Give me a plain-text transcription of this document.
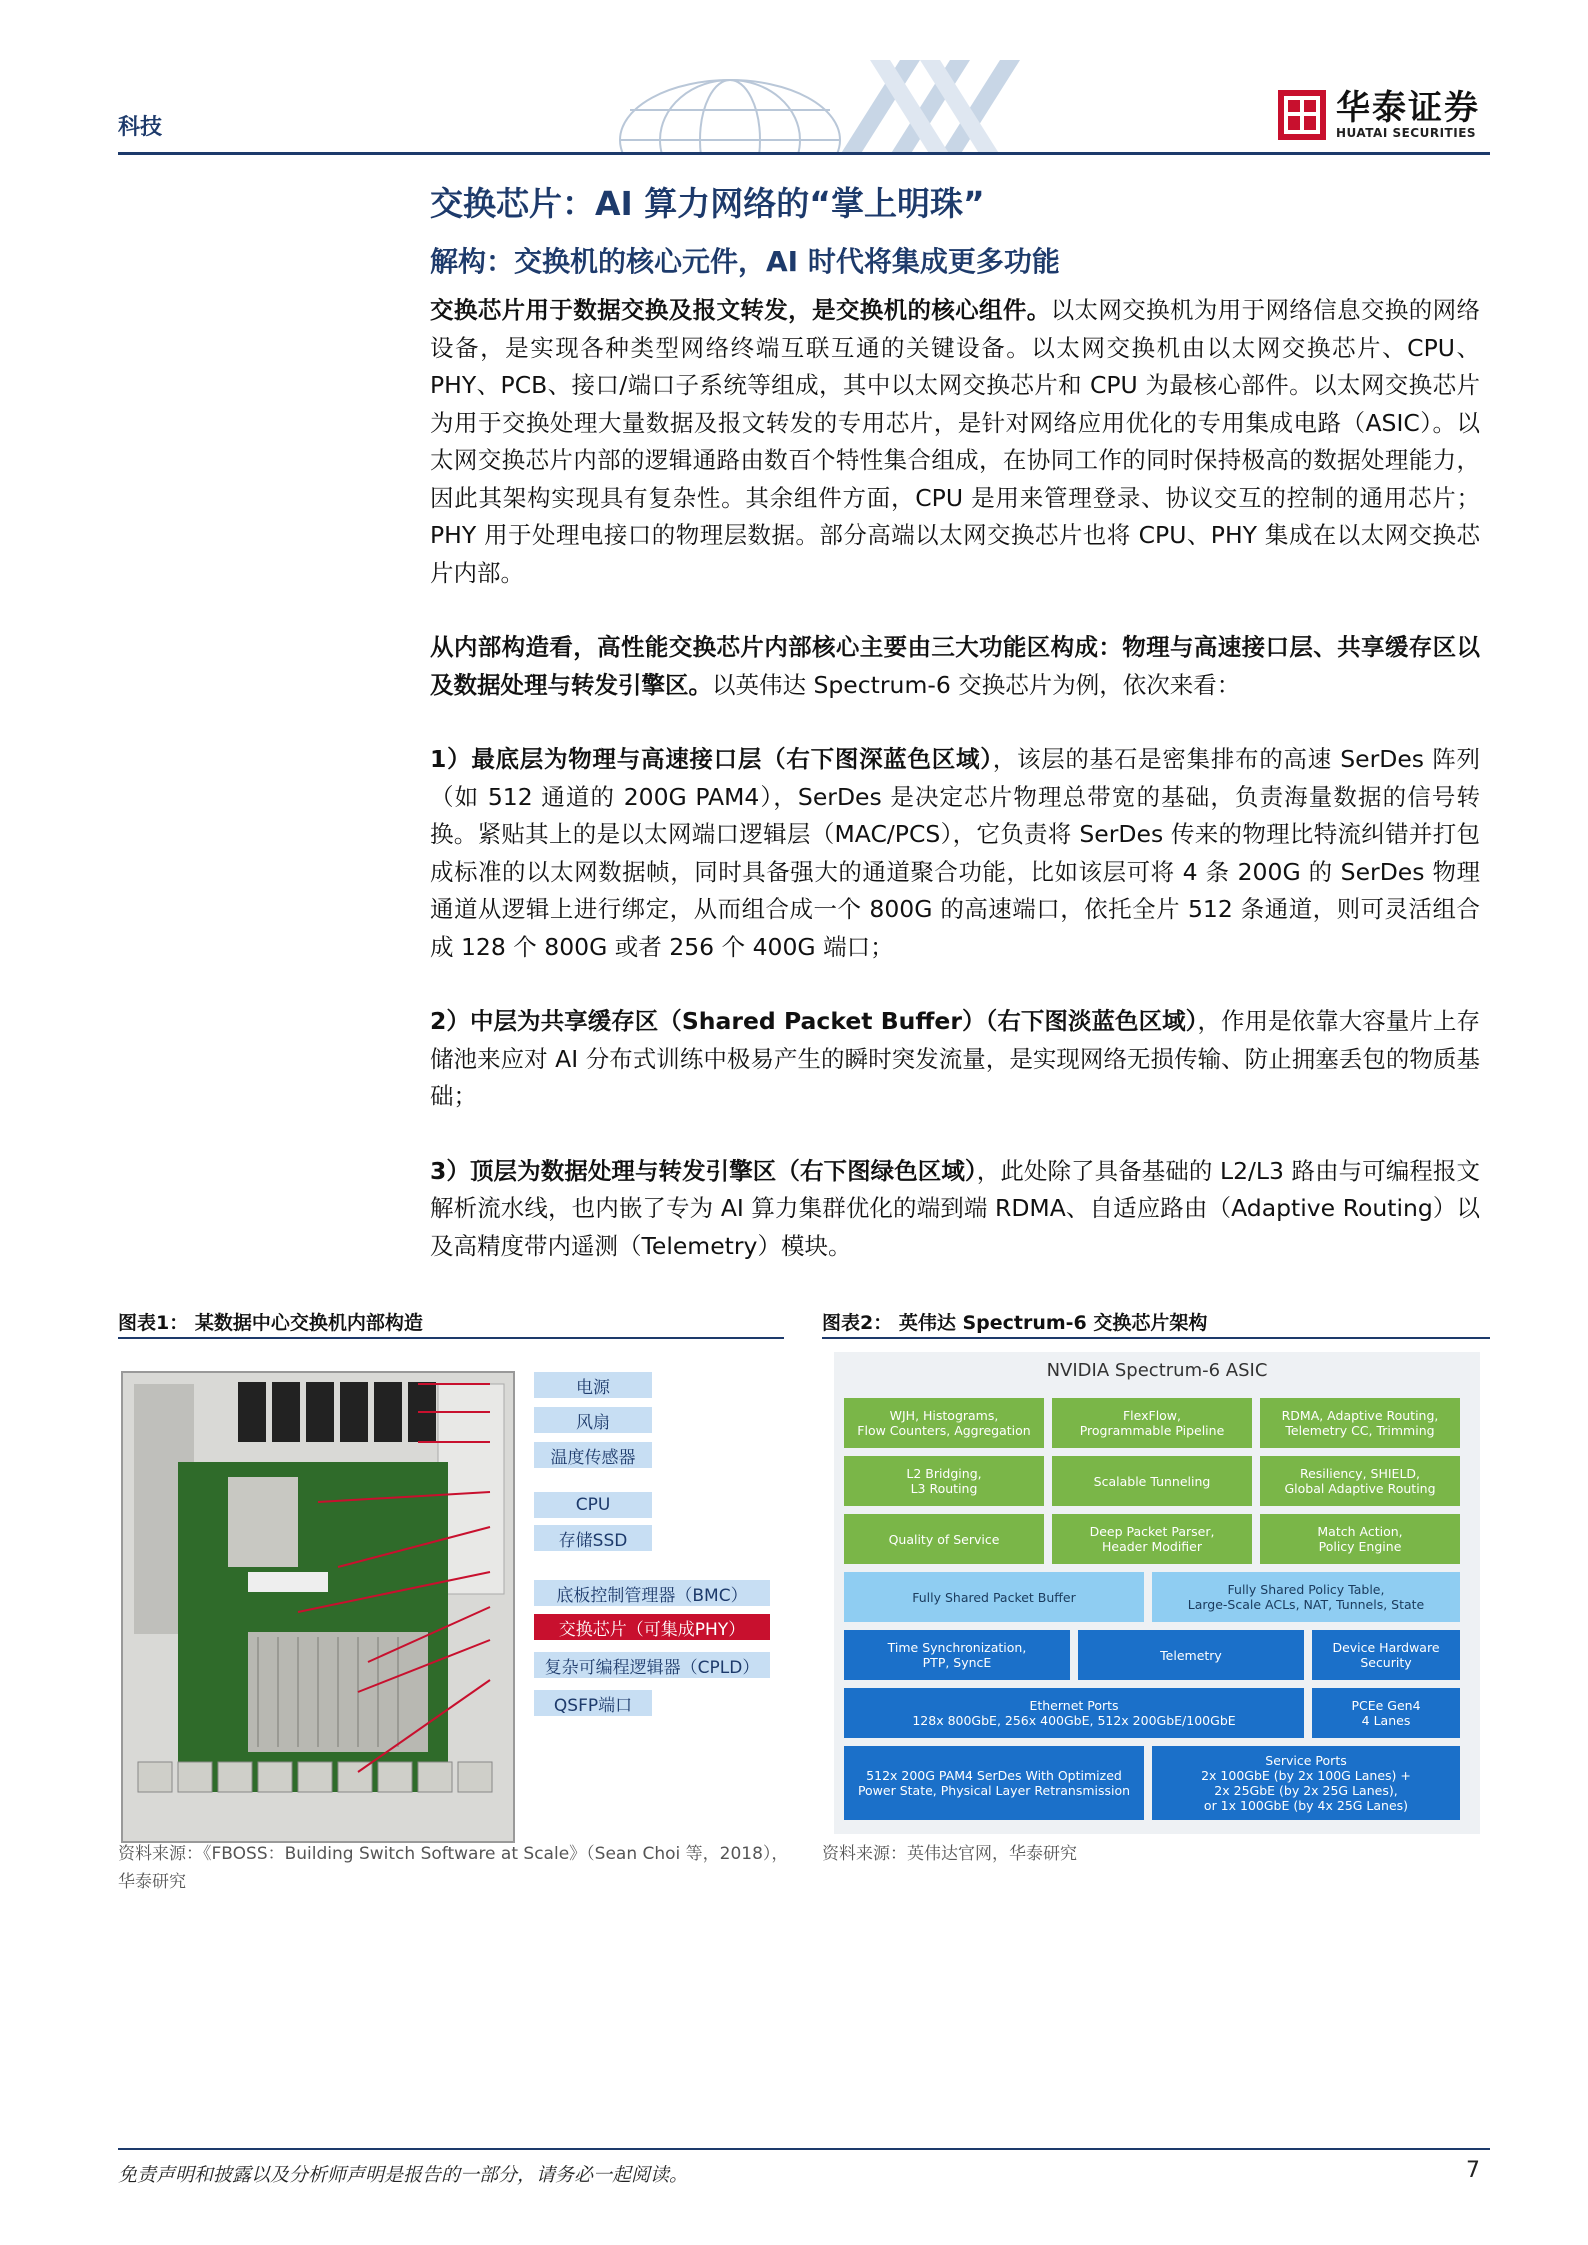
科技	华泰证券
HUATAI SECURITIES
交换芯片：AI 算力网络的“掌上明珠”
解构：交换机的核心元件，AI 时代将集成更多功能

交换芯片用于数据交换及报文转发，是交换机的核心组件。以太网交换机为用于网络信息交换的网络设备，是实现各种类型网络终端互联互通的关键设备。以太网交换机由以太网交换芯片、CPU、PHY、PCB、接口/端口子系统等组成，其中以太网交换芯片和 CPU 为最核心部件。以太网交换芯片为用于交换处理大量数据及报文转发的专用芯片，是针对网络应用优化的专用集成电路（ASIC）。以太网交换芯片内部的逻辑通路由数百个特性集合组成，在协同工作的同时保持极高的数据处理能力，因此其架构实现具有复杂性。其余组件方面，CPU 是用来管理登录、协议交互的控制的通用芯片；PHY 用于处理电接口的物理层数据。部分高端以太网交换芯片也将 CPU、PHY 集成在以太网交换芯片内部。

从内部构造看，高性能交换芯片内部核心主要由三大功能区构成：物理与高速接口层、共享缓存区以及数据处理与转发引擎区。以英伟达 Spectrum-6 交换芯片为例，依次来看：

1）最底层为物理与高速接口层（右下图深蓝色区域），该层的基石是密集排布的高速 SerDes 阵列（如 512 通道的 200G PAM4），SerDes 是决定芯片物理总带宽的基础，负责海量数据的信号转换。紧贴其上的是以太网端口逻辑层（MAC/PCS），它负责将 SerDes 传来的物理比特流纠错并打包成标准的以太网数据帧，同时具备强大的通道聚合功能，比如该层可将 4 条 200G 的 SerDes 物理通道从逻辑上进行绑定，从而组合成一个 800G 的高速端口，依托全片 512 条通道，则可灵活组合成 128 个 800G 或者 256 个 400G 端口；

2）中层为共享缓存区（Shared Packet Buffer）（右下图淡蓝色区域），作用是依靠大容量片上存储池来应对 AI 分布式训练中极易产生的瞬时突发流量，是实现网络无损传输、防止拥塞丢包的物质基础；

3）顶层为数据处理与转发引擎区（右下图绿色区域），此处除了具备基础的 L2/L3 路由与可编程报文解析流水线，也内嵌了专为 AI 算力集群优化的端到端 RDMA、自适应路由（Adaptive Routing）以及高精度带内遥测（Telemetry）模块。

图表1： 某数据中心交换机内部构造
电源
风扇
温度传感器
CPU
存储SSD
底板控制管理器（BMC）
交换芯片（可集成PHY）
复杂可编程逻辑器（CPLD）
QSFP端口
资料来源：《FBOSS：Building Switch Software at Scale》（Sean Choi 等，2018），
华泰研究
图表2： 英伟达 Spectrum-6 交换芯片架构
NVIDIA Spectrum-6 ASIC
WJH, Histograms,
Flow Counters, Aggregation
FlexFlow,
Programmable Pipeline
RDMA, Adaptive Routing,
Telemetry CC, Trimming
L2 Bridging,
L3 Routing	Scalable Tunneling	Resiliency, SHIELD,
Global Adaptive Routing
Quality of Service	Deep Packet Parser,
Header Modifier
Match Action,
Policy Engine
Fully Shared Packet Buffer	Fully Shared Policy Table,
Large-Scale ACLs, NAT, Tunnels, State
Time Synchronization,
PTP, SyncE	Telemetry	Device Hardware
Security
Ethernet Ports
128x 800GbE, 256x 400GbE, 512x 200GbE/100GbE
PCEe Gen4
4 Lanes
512x 200G PAM4 SerDes With Optimized
Power State, Physical Layer Retransmission
Service Ports
2x 100GbE (by 2x 100G Lanes) +
2x 25GbE (by 2x 25G Lanes),
or 1x 100GbE (by 4x 25G Lanes)
资料来源：英伟达官网，华泰研究
免责声明和披露以及分析师声明是报告的一部分，请务必一起阅读。	7
